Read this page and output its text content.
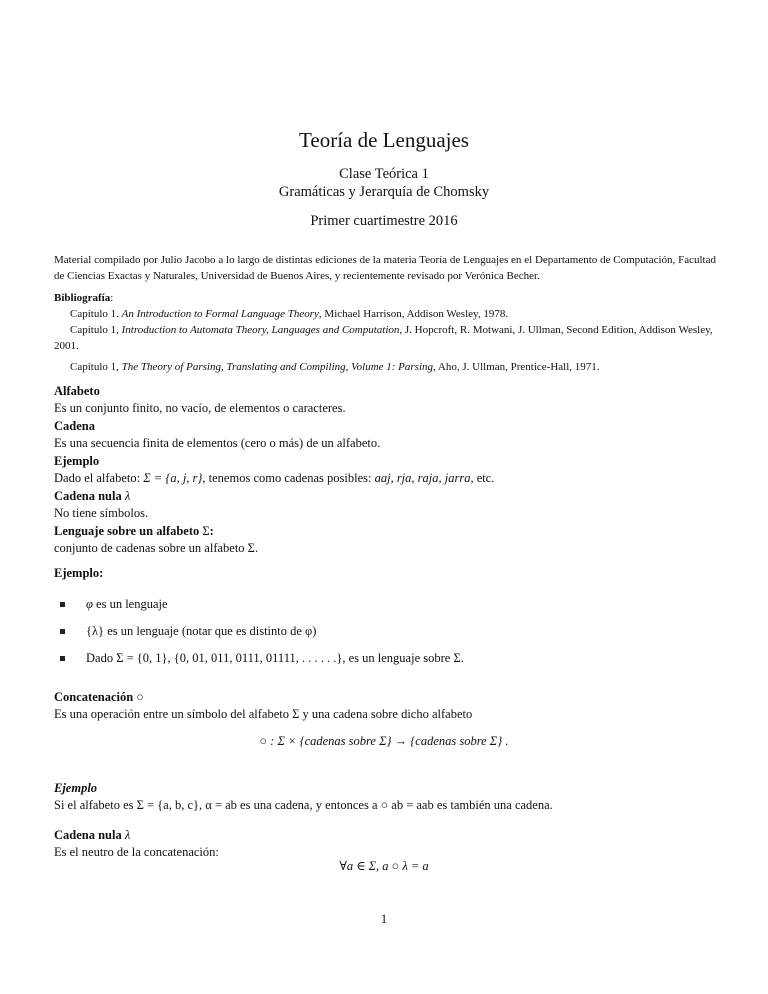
Teoría de Lenguajes
Clase Teórica 1
Gramáticas y Jerarquía de Chomsky
Primer cuartimestre 2016
Material compilado por Julio Jacobo a lo largo de distintas ediciones de la materia Teoría de Lenguajes en el Departamento de Computación, Facultad de Ciencias Exactas y Naturales, Universidad de Buenos Aires, y recientemente revisado por Verónica Becher.
Bibliografía:
Capítulo 1. An Introduction to Formal Language Theory, Michael Harrison, Addison Wesley, 1978.
Capítulo 1, Introduction to Automata Theory, Languages and Computation, J. Hopcroft, R. Motwani, J. Ullman, Second Edition, Addison Wesley, 2001.
Capítulo 1, The Theory of Parsing, Translating and Compiling, Volume 1: Parsing, Aho, J. Ullman, Prentice-Hall, 1971.
Alfabeto
Es un conjunto finito, no vacío, de elementos o caracteres.
Cadena
Es una secuencia finita de elementos (cero o más) de un alfabeto.
Ejemplo
Dado el alfabeto: Σ = {a, j, r}, tenemos como cadenas posibles: aaj, rja, raja, jarra, etc.
Cadena nula λ
No tiene símbolos.
Lenguaje sobre un alfabeto Σ:
conjunto de cadenas sobre un alfabeto Σ.
Ejemplo:
φ es un lenguaje
{λ} es un lenguaje (notar que es distinto de φ)
Dado Σ = {0, 1}, {0, 01, 011, 0111, 01111, . . . . . .}, es un lenguaje sobre Σ.
Concatenación ○
Es una operación entre un símbolo del alfabeto Σ y una cadena sobre dicho alfabeto
○ : Σ × {cadenas sobre Σ} → {cadenas sobre Σ} .
Ejemplo
Si el alfabeto es Σ = {a, b, c}, α = ab es una cadena, y entonces a ○ ab = aab es también una cadena.
Cadena nula λ
Es el neutro de la concatenación:
∀a ∈ Σ, a ○ λ = a
1
